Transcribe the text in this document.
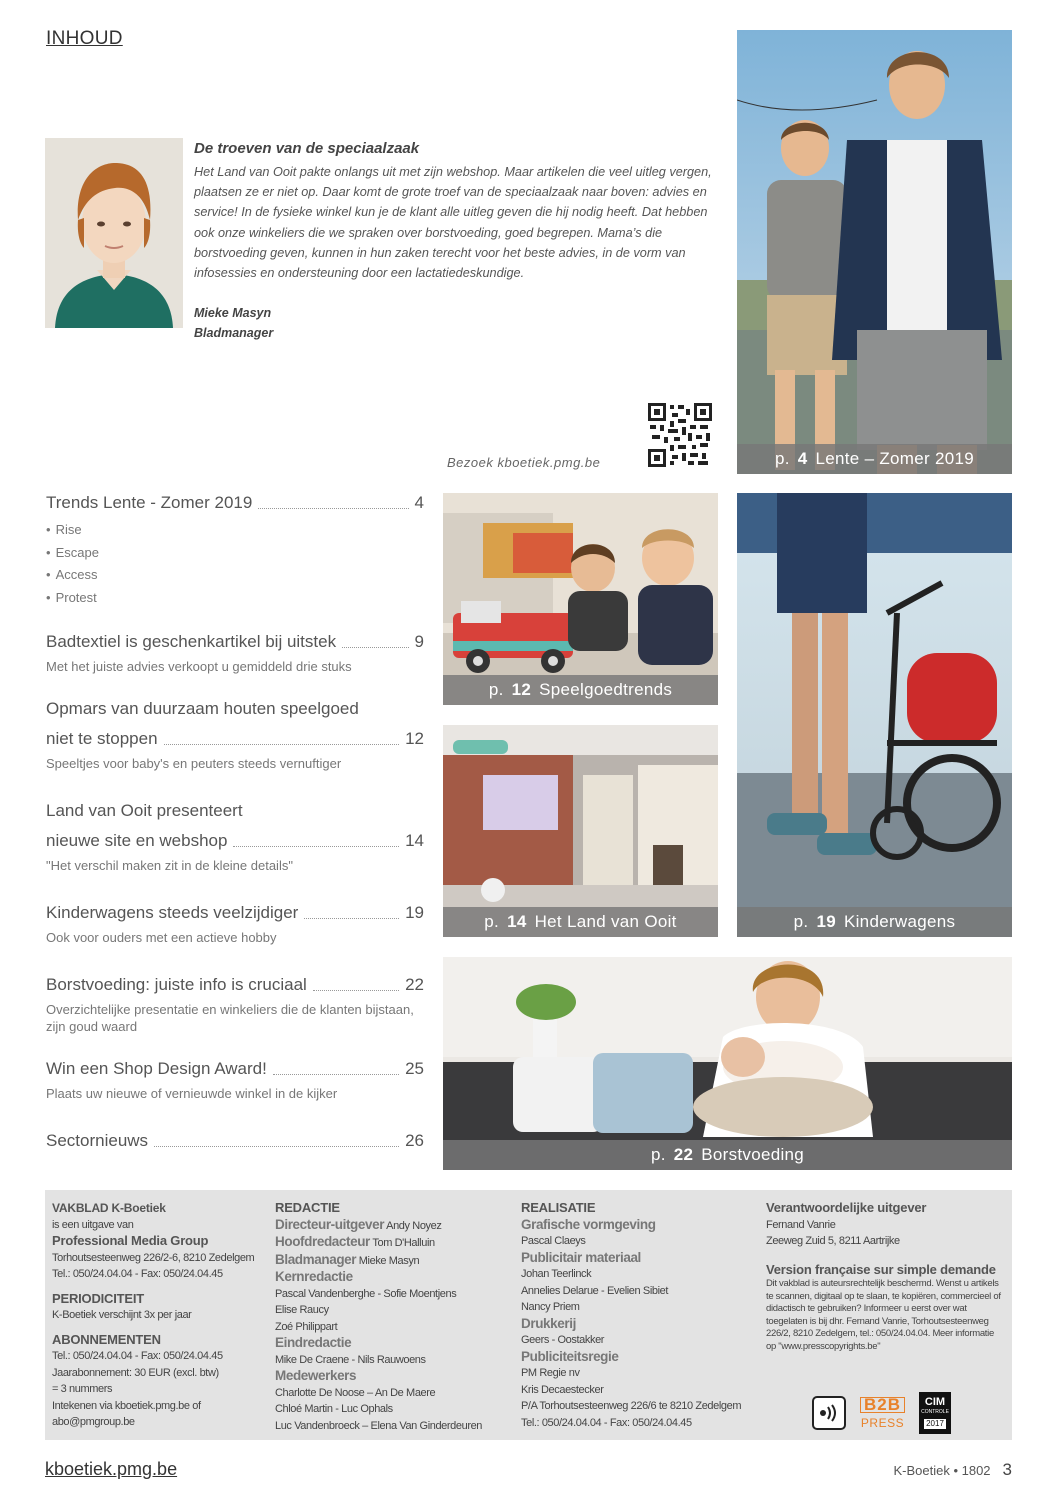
INHOUD
De troeven van de speciaalzaak

Het Land van Ooit pakte onlangs uit met zijn webshop. Maar artikelen die veel uitleg vergen, plaatsen ze er niet op. Daar komt de grote troef van de speciaalzaak naar boven: advies en service! In de fysieke winkel kun je de klant alle uitleg geven die hij nodig heeft. Dat hebben ook onze winkeliers die we spraken over borstvoeding, goed begrepen. Mama’s die borstvoeding geven, kunnen in hun zaken terecht voor het beste advies, in de vorm van infosessies en ondersteuning door een lactatiedeskundige.

Mieke Masyn
Bladmanager
Bezoek kboetiek.pmg.be	p. 4 Lente – Zomer 2019
p. 12 Speelgoedtrends
p. 19 Kinderwagens
p. 14 Het Land van Ooit
p. 22 Borstvoeding
Trends Lente - Zomer 2019	4
• Rise
• Escape
• Access
• Protest
Badtextiel is geschenkartikel bij uitstek	9
Met het juiste advies verkoopt u gemiddeld drie stuks
Opmars van duurzaam houten speelgoed
niet te stoppen	12
Speeltjes voor baby's en peuters steeds vernuftiger
Land van Ooit presenteert
nieuwe site en webshop	14
"Het verschil maken zit in de kleine details"
Kinderwagens steeds veelzijdiger	19
Ook voor ouders met een actieve hobby
Borstvoeding: juiste info is cruciaal	22
Overzichtelijke presentatie en winkeliers die de klanten bijstaan, zijn goud waard
Win een Shop Design Award!	25
Plaats uw nieuwe of vernieuwde winkel in de kijker
Sectornieuws	26
VAKBLAD K-Boetiek
is een uitgave van
Professional Media Group
Torhoutsesteenweg 226/2-6, 8210 Zedelgem
Tel.: 050/24.04.04 - Fax: 050/24.04.45
PERIODICITEIT
K-Boetiek verschijnt 3x per jaar
ABONNEMENTEN
Tel.: 050/24.04.04 - Fax: 050/24.04.45
Jaarabonnement: 30 EUR (excl. btw)
= 3 nummers
Intekenen via kboetiek.pmg.be of abo@pmgroup.be
REDACTIE
Directeur-uitgever Andy Noyez
Hoofdredacteur Tom D'Halluin
Bladmanager Mieke Masyn
Kernredactie
Pascal Vandenberghe - Sofie Moentjens
Elise Raucy
Zoé Philippart
Eindredactie
Mike De Craene - Nils Rauwoens
Medewerkers
Charlotte De Noose – An De Maere
Chloé Martin - Luc Ophals
Luc Vandenbroeck – Elena Van Ginderdeuren
REALISATIE
Grafische vormgeving
Pascal Claeys
Publicitair materiaal
Johan Teerlinck
Annelies Delarue - Evelien Sibiet
Nancy Priem
Drukkerij
Geers - Oostakker
Publiciteitsregie
PM Regie nv
Kris Decaestecker
P/A Torhoutsesteenweg 226/6 te 8210 Zedelgem
Tel.: 050/24.04.04 - Fax: 050/24.04.45
Verantwoordelijke uitgever
Fernand Vanrie
Zeeweg Zuid 5, 8211 Aartrijke
Version française sur simple demande
Dit vakblad is auteursrechtelijk beschermd. Wenst u artikels te scannen, digitaal op te slaan, te kopiëren, commercieel of didactisch te gebruiken? Informeer u eerst over wat toegelaten is bij dhr. Fernand Vanrie, Torhoutsesteenweg 226/2, 8210 Zedelgem, tel.: 050/24.04.04. Meer informatie op "www.presscopyrights.be"
B2B
PRESS
CIM
CONTROLE
2017
kboetiek.pmg.be	K-Boetiek • 1802 3
